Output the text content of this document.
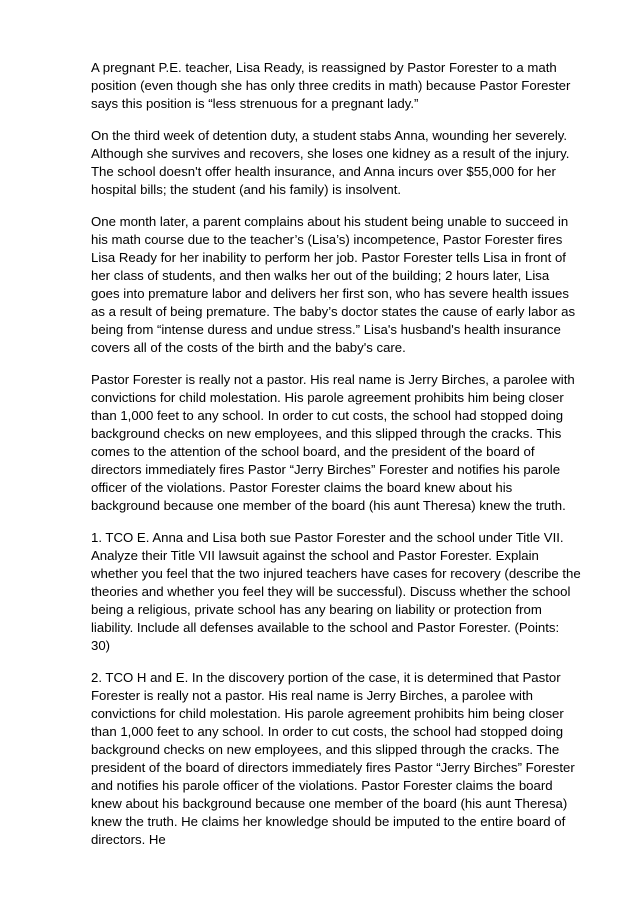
A pregnant P.E. teacher, Lisa Ready, is reassigned by Pastor Forester to a math position (even though she has only three credits in math) because Pastor Forester says this position is “less strenuous for a pregnant lady.”

On the third week of detention duty, a student stabs Anna, wounding her severely. Although she survives and recovers, she loses one kidney as a result of the injury. The school doesn't offer health insurance, and Anna incurs over $55,000 for her hospital bills; the student (and his family) is insolvent.

One month later, a parent complains about his student being unable to succeed in his math course due to the teacher’s (Lisa’s) incompetence, Pastor Forester fires Lisa Ready for her inability to perform her job. Pastor Forester tells Lisa in front of her class of students, and then walks her out of the building; 2 hours later, Lisa goes into premature labor and delivers her first son, who has severe health issues as a result of being premature. The baby’s doctor states the cause of early labor as being from “intense duress and undue stress.” Lisa's husband's health insurance covers all of the costs of the birth and the baby's care.

Pastor Forester is really not a pastor. His real name is Jerry Birches, a parolee with convictions for child molestation. His parole agreement prohibits him being closer than 1,000 feet to any school. In order to cut costs, the school had stopped doing background checks on new employees, and this slipped through the cracks. This comes to the attention of the school board, and the president of the board of directors immediately fires Pastor “Jerry Birches” Forester and notifies his parole officer of the violations. Pastor Forester claims the board knew about his background because one member of the board (his aunt Theresa) knew the truth.

1. TCO E. Anna and Lisa both sue Pastor Forester and the school under Title VII. Analyze their Title VII lawsuit against the school and Pastor Forester. Explain whether you feel that the two injured teachers have cases for recovery (describe the theories and whether you feel they will be successful). Discuss whether the school being a religious, private school has any bearing on liability or protection from liability. Include all defenses available to the school and Pastor Forester. (Points: 30)

2. TCO H and E. In the discovery portion of the case, it is determined that Pastor Forester is really not a pastor. His real name is Jerry Birches, a parolee with convictions for child molestation. His parole agreement prohibits him being closer than 1,000 feet to any school. In order to cut costs, the school had stopped doing background checks on new employees, and this slipped through the cracks. The president of the board of directors immediately fires Pastor “Jerry Birches” Forester and notifies his parole officer of the violations. Pastor Forester claims the board knew about his background because one member of the board (his aunt Theresa) knew the truth. He claims her knowledge should be imputed to the entire board of directors. He
